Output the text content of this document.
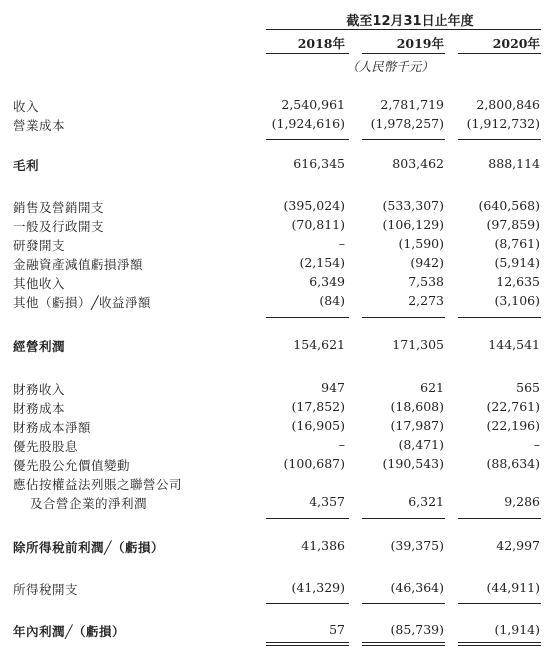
截至12月31日止年度
2018年	2019年	2020年
（人民幣千元）
收入	2,540,961	2,781,719	2,800,846
營業成本	(1,924,616)	(1,978,257)	(1,912,732)
毛利	616,345	803,462	888,114
銷售及營銷開支	(395,024)	(533,307)	(640,568)
一般及行政開支	(70,811)	(106,129)	(97,859)
研發開支	–	(1,590)	(8,761)
金融資產減值虧損淨額	(2,154)	(942)	(5,914)
其他收入	6,349	7,538	12,635
其他（虧損）╱收益淨額	(84)	2,273	(3,106)
經營利潤	154,621	171,305	144,541
財務收入	947	621	565
財務成本	(17,852)	(18,608)	(22,761)
財務成本淨額	(16,905)	(17,987)	(22,196)
優先股股息	–	(8,471)	–
優先股公允價值變動	(100,687)	(190,543)	(88,634)
應佔按權益法列賬之聯營公司
及合營企業的淨利潤	4,357	6,321	9,286
除所得稅前利潤╱（虧損）	41,386	(39,375)	42,997
所得稅開支	(41,329)	(46,364)	(44,911)
年內利潤╱（虧損）	57	(85,739)	(1,914)
